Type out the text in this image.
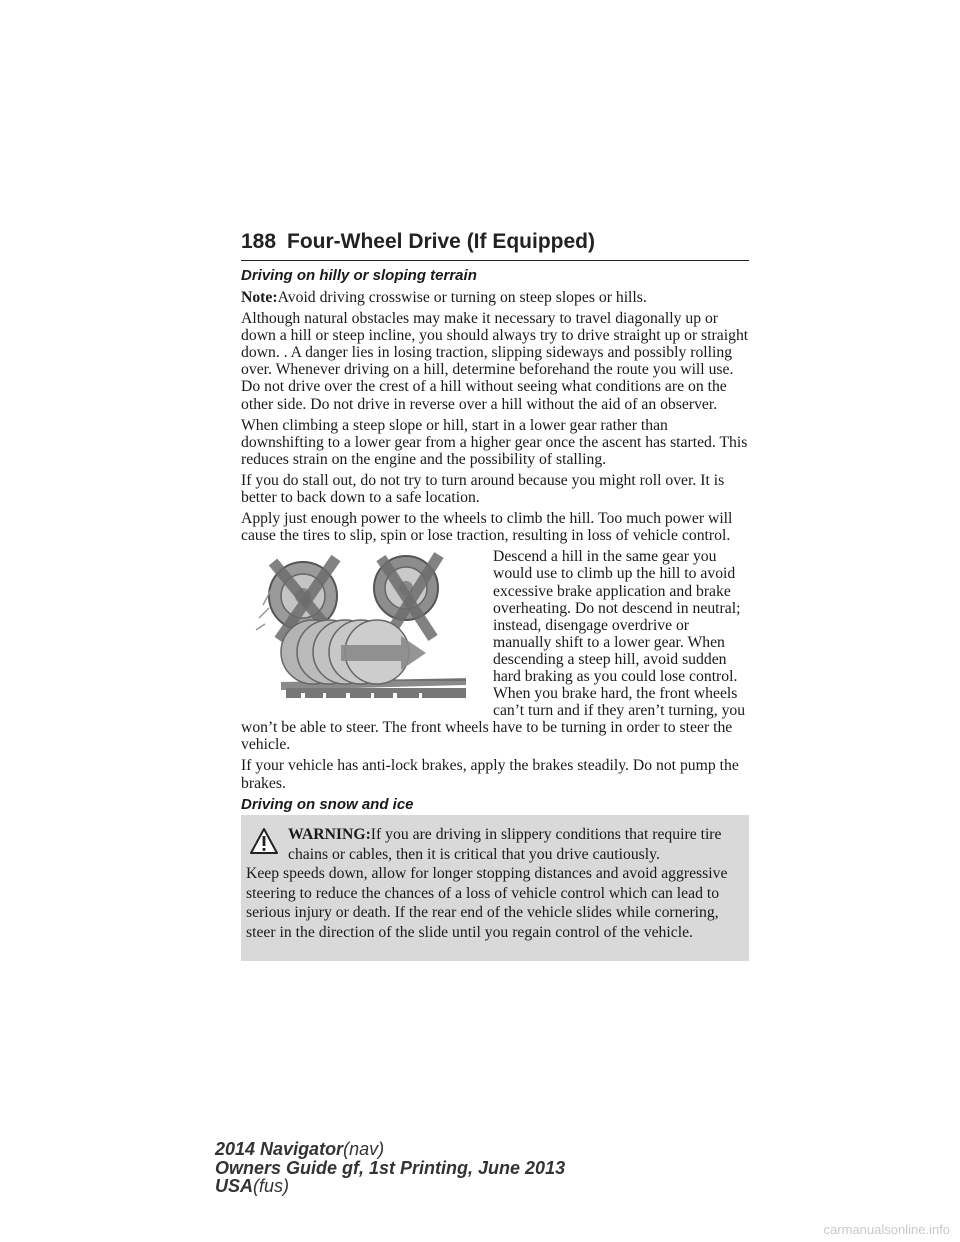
188 Four-Wheel Drive (If Equipped)
Driving on hilly or sloping terrain

Note:Avoid driving crosswise or turning on steep slopes or hills.

Although natural obstacles may make it necessary to travel diagonally up or down a hill or steep incline, you should always try to drive straight up or straight down. . A danger lies in losing traction, slipping sideways and possibly rolling over. Whenever driving on a hill, determine beforehand the route you will use. Do not drive over the crest of a hill without seeing what conditions are on the other side. Do not drive in reverse over a hill without the aid of an observer.

When climbing a steep slope or hill, start in a lower gear rather than downshifting to a lower gear from a higher gear once the ascent has started. This reduces strain on the engine and the possibility of stalling.

If you do stall out, do not try to turn around because you might roll over. It is better to back down to a safe location.

Apply just enough power to the wheels to climb the hill. Too much power will cause the tires to slip, spin or lose traction, resulting in loss of vehicle control.

Descend a hill in the same gear you would use to climb up the hill to avoid excessive brake application and brake overheating. Do not descend in neutral; instead, disengage overdrive or manually shift to a lower gear. When descending a steep hill, avoid sudden hard braking as you could lose control. When you brake hard, the front wheels can’t turn and if they aren’t turning, you won’t be able to steer. The front wheels have to be turning in order to steer the vehicle.

If your vehicle has anti-lock brakes, apply the brakes steadily. Do not pump the brakes.

Driving on snow and ice
WARNING:If you are driving in slippery conditions that require tire chains or cables, then it is critical that you drive cautiously.
Keep speeds down, allow for longer stopping distances and avoid aggressive steering to reduce the chances of a loss of vehicle control which can lead to serious injury or death. If the rear end of the vehicle slides while cornering, steer in the direction of the slide until you regain control of the vehicle.
2014 Navigator(nav)
Owners Guide gf, 1st Printing, June 2013
USA(fus)
carmanualsonline.info
